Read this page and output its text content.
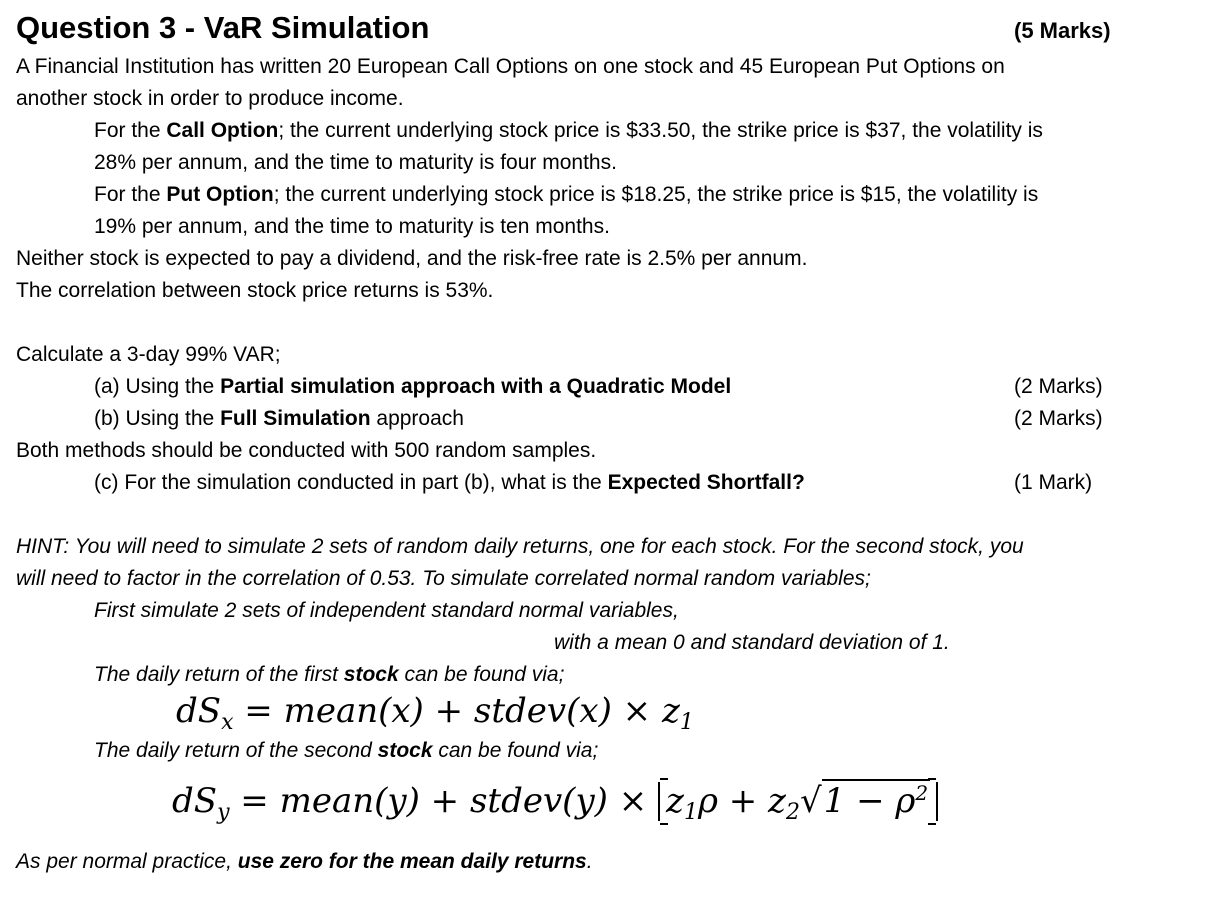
Question 3 - VaR Simulation	(5 Marks)
A Financial Institution has written 20 European Call Options on one stock and 45 European Put Options on
another stock in order to produce income.
For the Call Option; the current underlying stock price is $33.50, the strike price is $37, the volatility is
28% per annum, and the time to maturity is four months.
For the Put Option; the current underlying stock price is $18.25, the strike price is $15, the volatility is
19% per annum, and the time to maturity is ten months.
Neither stock is expected to pay a dividend, and the risk-free rate is 2.5% per annum.
The correlation between stock price returns is 53%.
Calculate a 3-day 99% VAR;
(a) Using the Partial simulation approach with a Quadratic Model	(2 Marks)
(b) Using the Full Simulation approach	(2 Marks)
Both methods should be conducted with 500 random samples.
(c) For the simulation conducted in part (b), what is the Expected Shortfall?	(1 Mark)
HINT: You will need to simulate 2 sets of random daily returns, one for each stock. For the second stock, you
will need to factor in the correlation of 0.53. To simulate correlated normal random variables;
First simulate 2 sets of independent standard normal variables,
with a mean 0 and standard deviation of 1.
The daily return of the first stock can be found via;
$dS_x$ = mean(x) + stdev(x) × $z_1$
The daily return of the second stock can be found via;
$dS_y$ = mean(y) + stdev(y) ×
$z_1\rho + z_2√1 - \rho^2$
As per normal practice, use zero for the mean daily returns.
